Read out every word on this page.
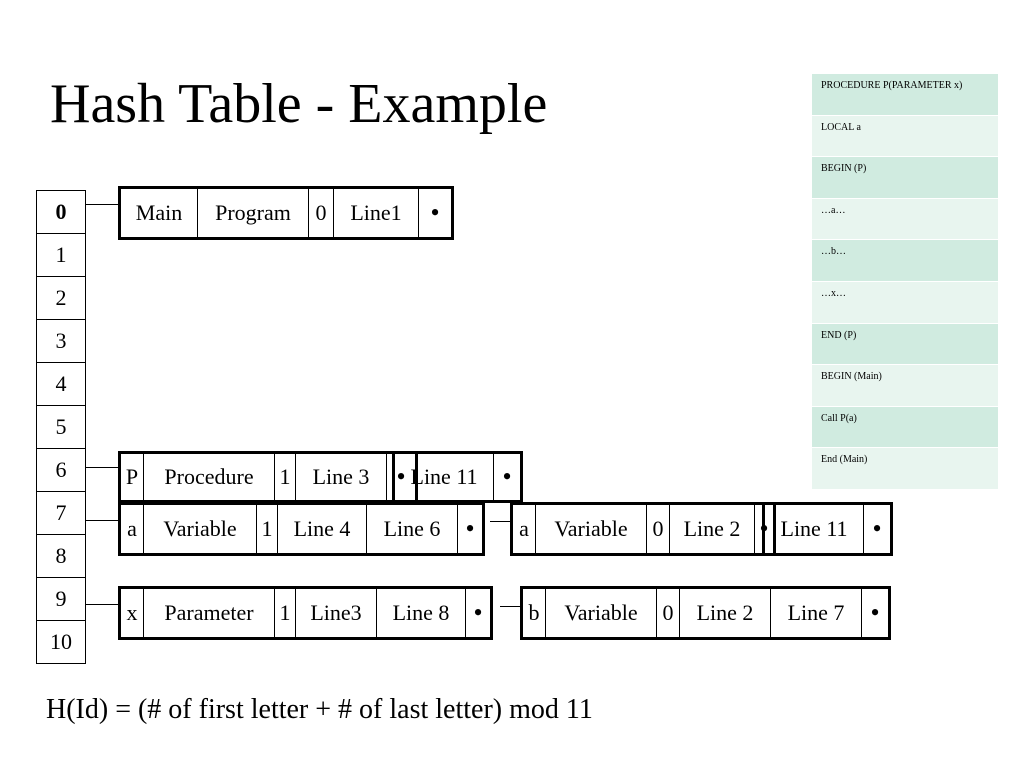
Hash Table - Example
0
1
2
3
4
5
6
7
8
9
10
Main	Program	0	Line1	•
Line 11	•
P	Procedure	1	Line 3	•
a	Variable	1	Line 4	Line 6	•	Line 11	•
a	Variable	0	Line 2	•
x	Parameter	1	Line3	Line 8	• b	Variable	0	Line 2	Line 7	•
PROCEDURE P(PARAMETER x)
LOCAL a
BEGIN (P)
…a…
…b…
…x…
END (P)
BEGIN (Main)
Call P(a)
End (Main)
H(Id) = (# of first letter + # of last letter) mod 11
